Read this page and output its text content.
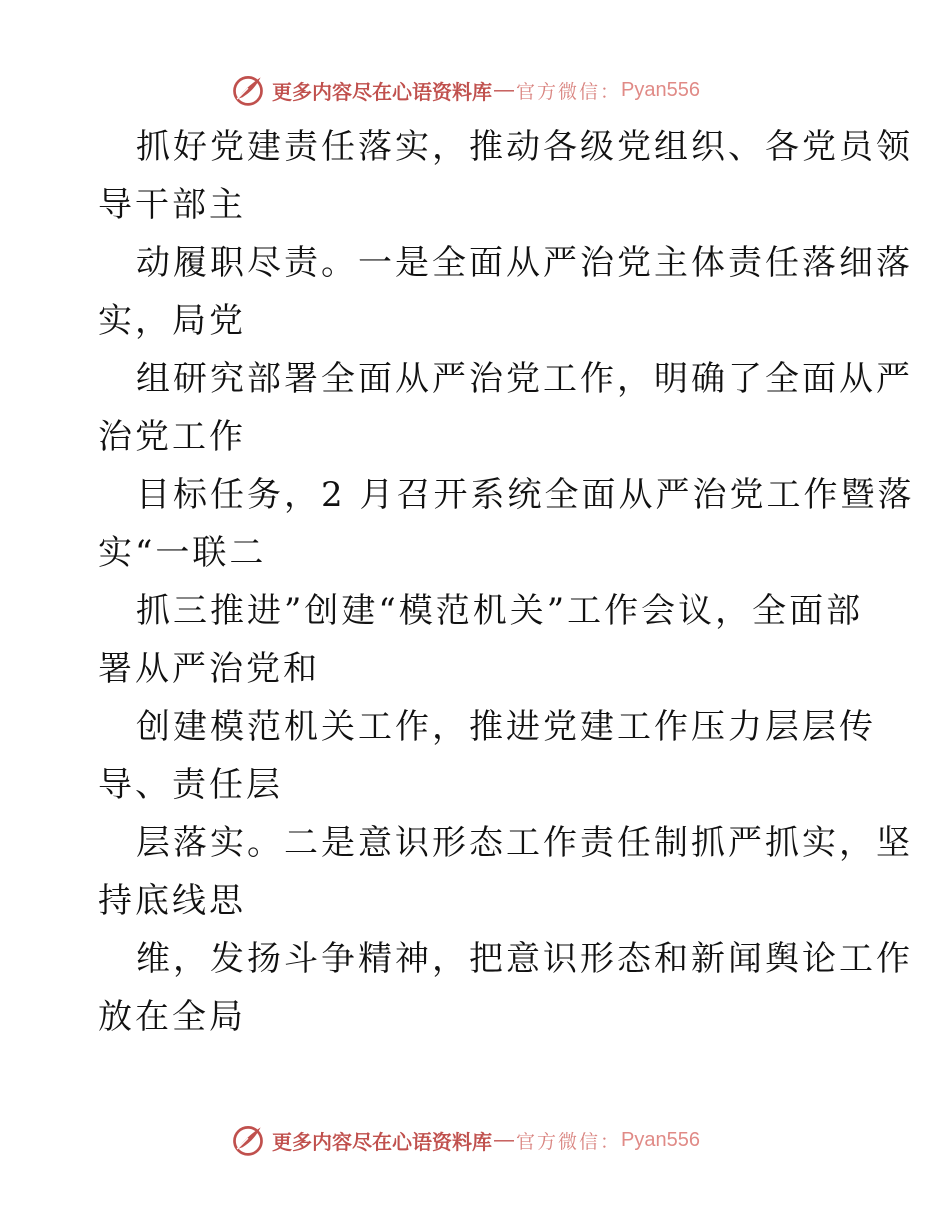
更多内容尽在心语资料库 — 官方微信： Pyan556
抓好党建责任落实，推动各级党组织、各党员领
导干部主
动履职尽责。一是全面从严治党主体责任落细落
实，局党
组研究部署全面从严治党工作，明确了全面从严
治党工作
目标任务，2 月召开系统全面从严治党工作暨落
实“一联二
抓三推进”创建“模范机关”工作会议，全面部
署从严治党和
创建模范机关工作，推进党建工作压力层层传
导、责任层
层落实。二是意识形态工作责任制抓严抓实，坚
持底线思
维，发扬斗争精神，把意识形态和新闻舆论工作
放在全局
更多内容尽在心语资料库 — 官方微信： Pyan556
